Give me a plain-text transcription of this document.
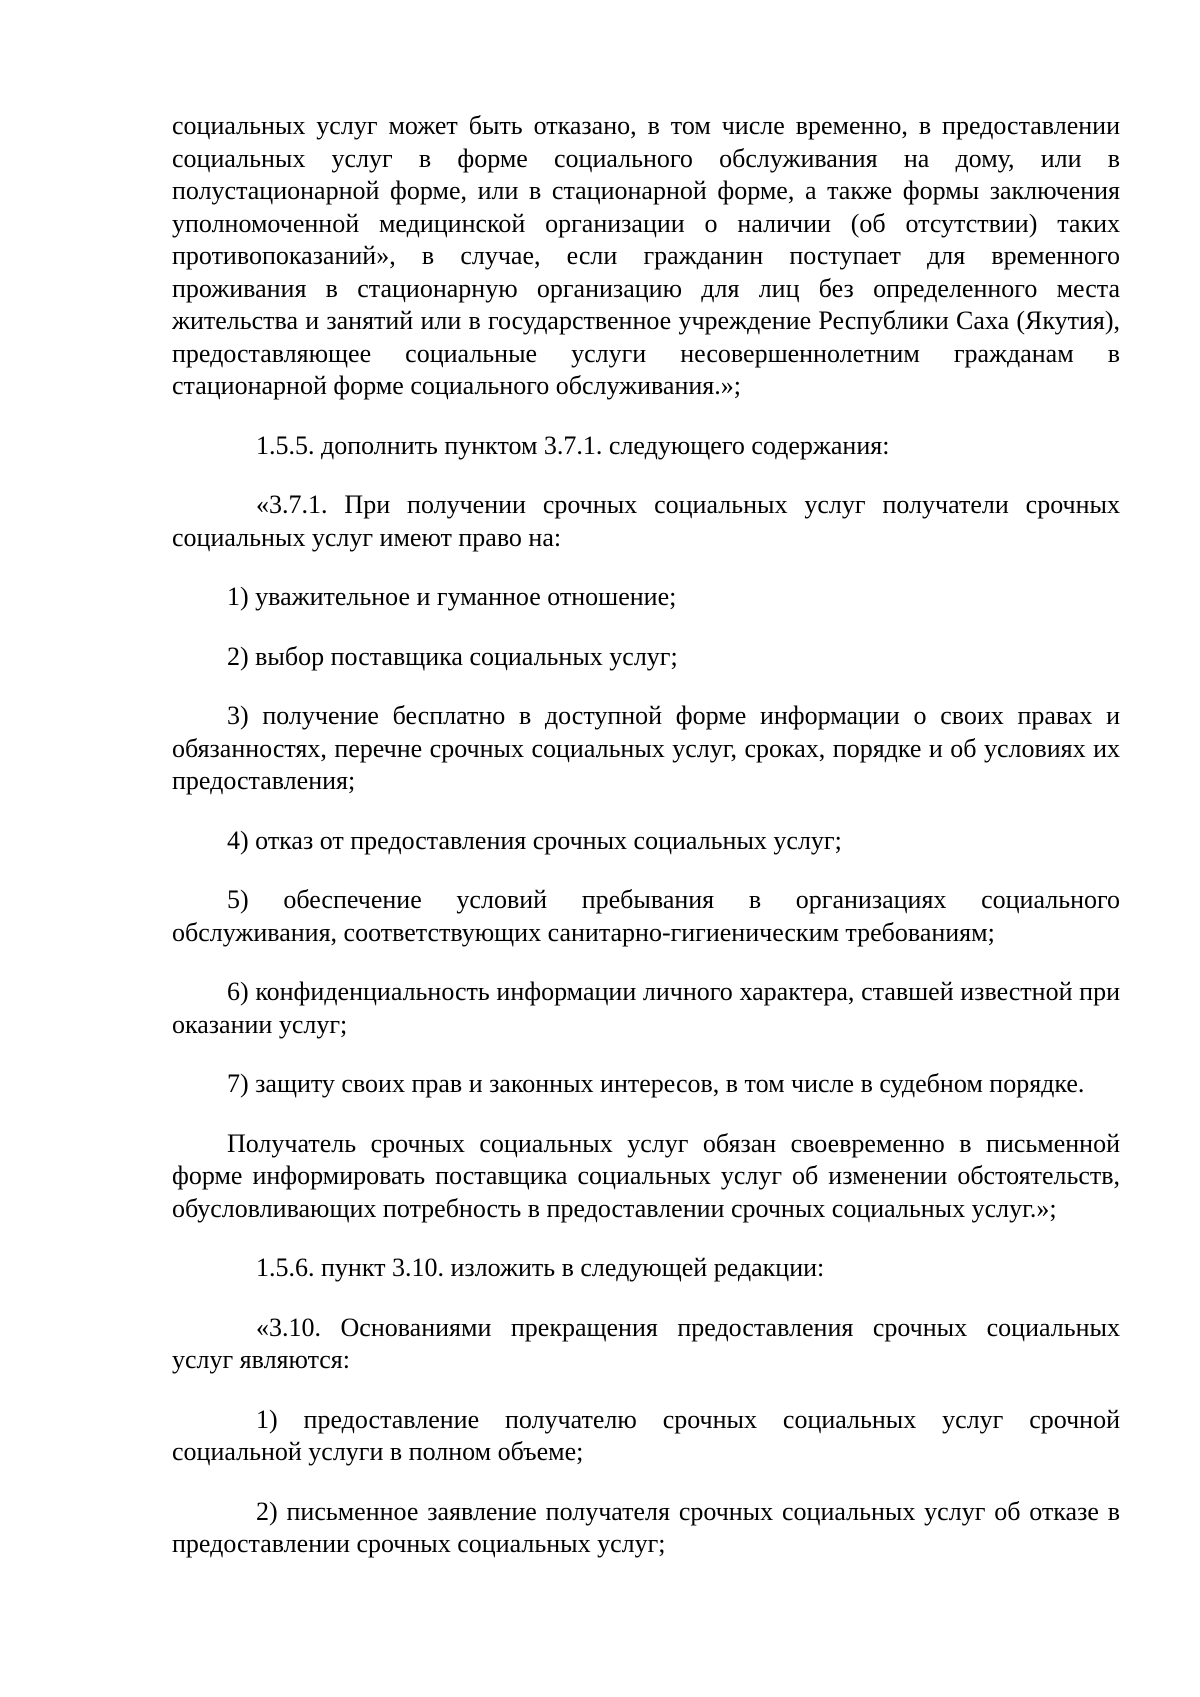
социальных услуг может быть отказано, в том числе временно, в предоставлении социальных услуг в форме социального обслуживания на дому, или в полустационарной форме, или в стационарной форме, а также формы заключения уполномоченной медицинской организации о наличии (об отсутствии) таких противопоказаний», в случае, если гражданин поступает для временного проживания в стационарную организацию для лиц без определенного места жительства и занятий или в государственное учреждение Республики Саха (Якутия), предоставляющее социальные услуги несовершеннолетним гражданам в стационарной форме социального обслуживания.»;

1.5.5. дополнить пунктом 3.7.1. следующего содержания:

«3.7.1. При получении срочных социальных услуг получатели срочных социальных услуг имеют право на:

1) уважительное и гуманное отношение;

2) выбор поставщика социальных услуг;

3) получение бесплатно в доступной форме информации о своих правах и обязанностях, перечне срочных социальных услуг, сроках, порядке и об условиях их предоставления;

4) отказ от предоставления срочных социальных услуг;

5) обеспечение условий пребывания в организациях социального обслуживания, соответствующих санитарно-гигиеническим требованиям;

6) конфиденциальность информации личного характера, ставшей известной при оказании услуг;

7) защиту своих прав и законных интересов, в том числе в судебном порядке.

Получатель срочных социальных услуг обязан своевременно в письменной форме информировать поставщика социальных услуг об изменении обстоятельств, обусловливающих потребность в предоставлении срочных социальных услуг.»;

1.5.6. пункт 3.10. изложить в следующей редакции:

«3.10. Основаниями прекращения предоставления срочных социальных услуг являются:

1) предоставление получателю срочных социальных услуг срочной социальной услуги в полном объеме;

2) письменное заявление получателя срочных социальных услуг об отказе в предоставлении срочных социальных услуг;
